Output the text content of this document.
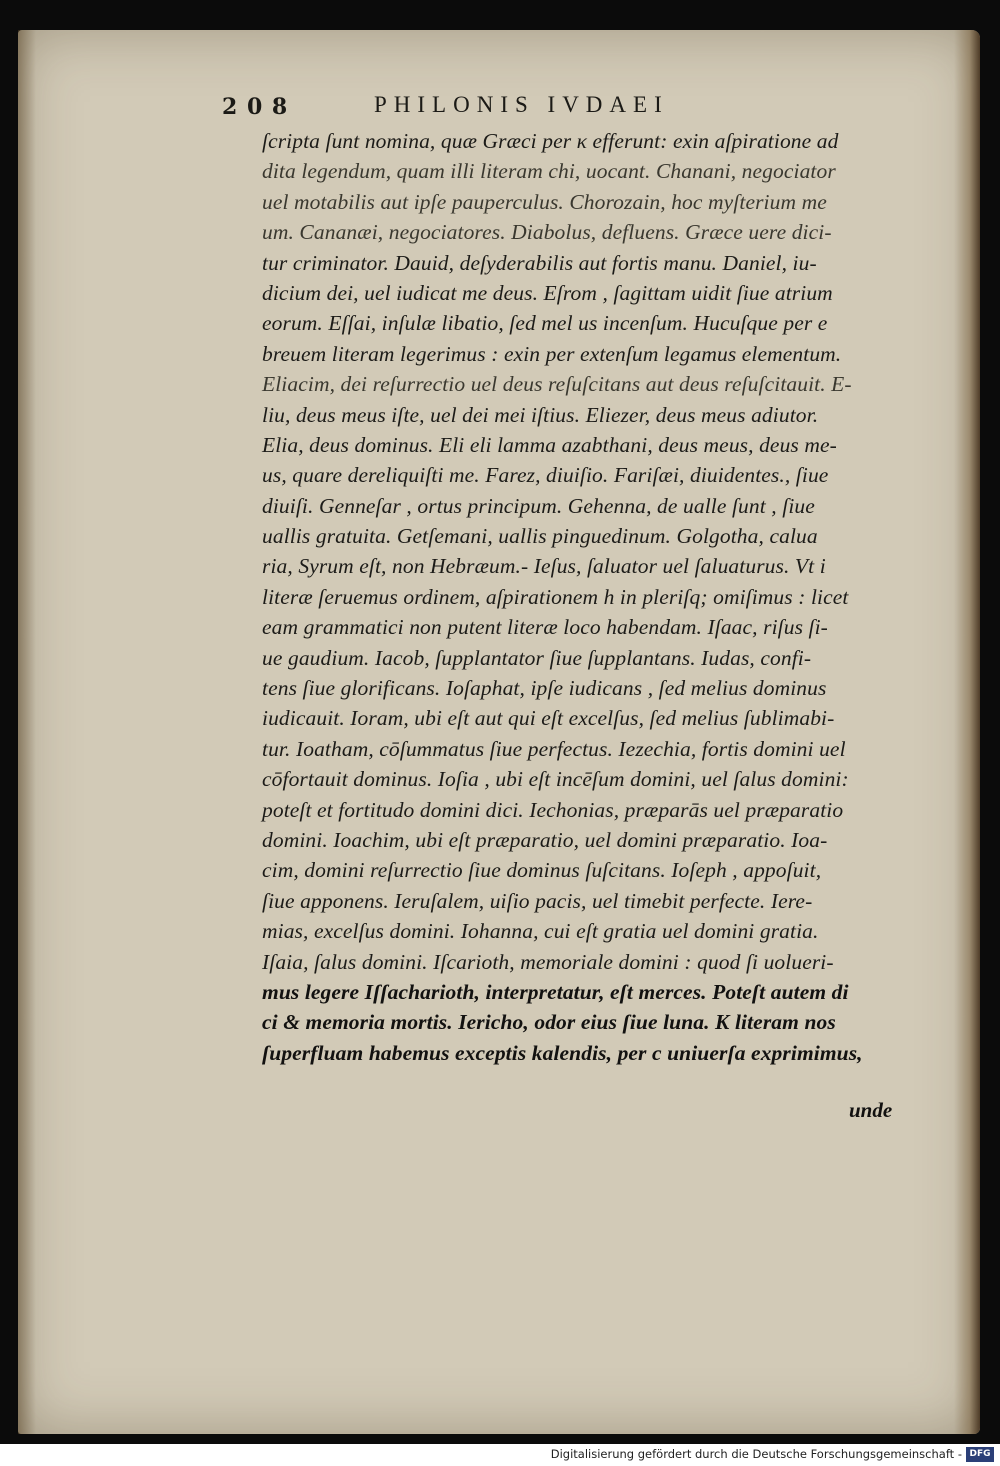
2 0 8	PHILONIS IVDAEI
ſcripta ſunt nomina, quæ Græci per κ efferunt: exin aſpiratione ad
dita legendum, quam illi literam chi, uocant. Chanani, negociator
uel motabilis aut ipſe pauperculus. Chorozain, hoc myſterium me
um. Cananæi, negociatores. Diabolus, defluens. Græce uere dici-
tur criminator. Dauid, deſyderabilis aut fortis manu. Daniel, iu-
dicium dei, uel iudicat me deus. Eſrom , ſagittam uidit ſiue atrium
eorum. Eſſai, inſulæ libatio, ſed mel us incenſum. Hucuſque per e
breuem literam legerimus : exin per extenſum legamus elementum.
Eliacim, dei reſurrectio uel deus reſuſcitans aut deus reſuſcitauit. E-
liu, deus meus iſte, uel dei mei iſtius. Eliezer, deus meus adiutor.
Elia, deus dominus. Eli eli lamma azabthani, deus meus, deus me-
us, quare dereliquiſti me. Farez, diuiſio. Fariſæi, diuidentes., ſiue
diuiſi. Genneſar , ortus principum. Gehenna, de ualle ſunt , ſiue
uallis gratuita. Getſemani, uallis pinguedinum. Golgotha, calua
ria, Syrum eſt, non Hebræum.- Ieſus, ſaluator uel ſaluaturus. Vt i
literæ ſeruemus ordinem, aſpirationem h in pleriſq; omiſimus : licet
eam grammatici non putent literæ loco habendam. Iſaac, riſus ſi-
ue gaudium. Iacob, ſupplantator ſiue ſupplantans. Iudas, confi-
tens ſiue glorificans. Ioſaphat, ipſe iudicans , ſed melius dominus
iudicauit. Ioram, ubi eſt aut qui eſt excelſus, ſed melius ſublimabi-
tur. Ioatham, cōſummatus ſiue perfectus. Iezechia, fortis domini uel
cōfortauit dominus. Ioſia , ubi eſt incēſum domini, uel ſalus domini:
poteſt et fortitudo domini dici. Iechonias, præparās uel præparatio
domini. Ioachim, ubi eſt præparatio, uel domini præparatio. Ioa-
cim, domini reſurrectio ſiue dominus ſuſcitans. Ioſeph , appoſuit,
ſiue apponens. Ieruſalem, uiſio pacis, uel timebit perfecte. Iere-
mias, excelſus domini. Iohanna, cui eſt gratia uel domini gratia.
Iſaia, ſalus domini. Iſcarioth, memoriale domini : quod ſi uolueri-
mus legere Iſſacharioth, interpretatur, eſt merces. Poteſt autem di
ci & memoria mortis. Iericho, odor eius ſiue luna. K literam nos
ſuperfluam habemus exceptis kalendis, per c uniuerſa exprimimus,
unde
Digitalisierung gefördert durch die Deutsche Forschungsgemeinschaft - DFG
